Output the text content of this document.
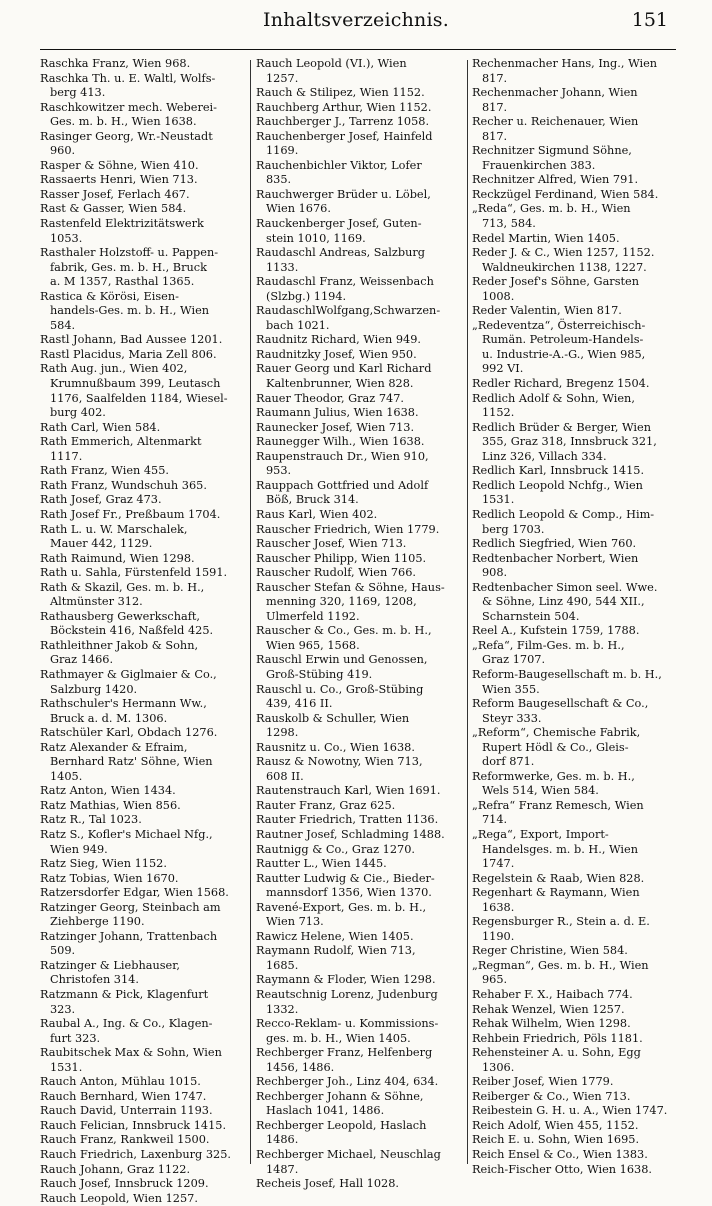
Inhaltsverzeichnis.	151
Raschka Franz, Wien 968.
Raschka Th. u. E. Waltl, Wolfs-
berg 413.
Raschkowitzer mech. Weberei-
Ges. m. b. H., Wien 1638.
Rasinger Georg, Wr.-Neustadt
960.
Rasper & Söhne, Wien 410.
Rassaerts Henri, Wien 713.
Rasser Josef, Ferlach 467.
Rast & Gasser, Wien 584.
Rastenfeld Elektrizitätswerk
1053.
Rasthaler Holzstoff- u. Pappen-
fabrik, Ges. m. b. H., Bruck
a. M 1357, Rasthal 1365.
Rastica & Körösi, Eisen-
handels-Ges. m. b. H., Wien
584.
Rastl Johann, Bad Aussee 1201.
Rastl Placidus, Maria Zell 806.
Rath Aug. jun., Wien 402,
Krumnußbaum 399, Leutasch
1176, Saalfelden 1184, Wiesel-
burg 402.
Rath Carl, Wien 584.
Rath Emmerich, Altenmarkt
1117.
Rath Franz, Wien 455.
Rath Franz, Wundschuh 365.
Rath Josef, Graz 473.
Rath Josef Fr., Preßbaum 1704.
Rath L. u. W. Marschalek,
Mauer 442, 1129.
Rath Raimund, Wien 1298.
Rath u. Sahla, Fürstenfeld 1591.
Rath & Skazil, Ges. m. b. H.,
Altmünster 312.
Rathausberg Gewerkschaft,
Böckstein 416, Naßfeld 425.
Rathleithner Jakob & Sohn,
Graz 1466.
Rathmayer & Giglmaier & Co.,
Salzburg 1420.
Rathschuler's Hermann Ww.,
Bruck a. d. M. 1306.
Ratschüler Karl, Obdach 1276.
Ratz Alexander & Efraim,
Bernhard Ratz' Söhne, Wien
1405.
Ratz Anton, Wien 1434.
Ratz Mathias, Wien 856.
Ratz R., Tal 1023.
Ratz S., Kofler's Michael Nfg.,
Wien 949.
Ratz Sieg, Wien 1152.
Ratz Tobias, Wien 1670.
Ratzersdorfer Edgar, Wien 1568.
Ratzinger Georg, Steinbach am
Ziehberge 1190.
Ratzinger Johann, Trattenbach
509.
Ratzinger & Liebhauser,
Christofen 314.
Ratzmann & Pick, Klagenfurt
323.
Raubal A., Ing. & Co., Klagen-
furt 323.
Raubitschek Max & Sohn, Wien
1531.
Rauch Anton, Mühlau 1015.
Rauch Bernhard, Wien 1747.
Rauch David, Unterrain 1193.
Rauch Felician, Innsbruck 1415.
Rauch Franz, Rankweil 1500.
Rauch Friedrich, Laxenburg 325.
Rauch Johann, Graz 1122.
Rauch Josef, Innsbruck 1209.
Rauch Leopold, Wien 1257.
Rauch Leopold (VI.), Wien
1257.
Rauch & Stilipez, Wien 1152.
Rauchberg Arthur, Wien 1152.
Rauchberger J., Tarrenz 1058.
Rauchenberger Josef, Hainfeld
1169.
Rauchenbichler Viktor, Lofer
835.
Rauchwerger Brüder u. Löbel,
Wien 1676.
Rauckenberger Josef, Guten-
stein 1010, 1169.
Raudaschl Andreas, Salzburg
1133.
Raudaschl Franz, Weissenbach
(Slzbg.) 1194.
RaudaschlWolfgang,Schwarzen-
bach 1021.
Raudnitz Richard, Wien 949.
Raudnitzky Josef, Wien 950.
Rauer Georg und Karl Richard
Kaltenbrunner, Wien 828.
Rauer Theodor, Graz 747.
Raumann Julius, Wien 1638.
Raunecker Josef, Wien 713.
Raunegger Wilh., Wien 1638.
Raupenstrauch Dr., Wien 910,
953.
Rauppach Gottfried und Adolf
Böß, Bruck 314.
Raus Karl, Wien 402.
Rauscher Friedrich, Wien 1779.
Rauscher Josef, Wien 713.
Rauscher Philipp, Wien 1105.
Rauscher Rudolf, Wien 766.
Rauscher Stefan & Söhne, Haus-
menning 320, 1169, 1208,
Ulmerfeld 1192.
Rauscher & Co., Ges. m. b. H.,
Wien 965, 1568.
Rauschl Erwin und Genossen,
Groß-Stübing 419.
Rauschl u. Co., Groß-Stübing
439, 416 II.
Rauskolb & Schuller, Wien
1298.
Rausnitz u. Co., Wien 1638.
Rausz & Nowotny, Wien 713,
608 II.
Rautenstrauch Karl, Wien 1691.
Rauter Franz, Graz 625.
Rauter Friedrich, Tratten 1136.
Rautner Josef, Schladming 1488.
Rautnigg & Co., Graz 1270.
Rautter L., Wien 1445.
Rautter Ludwig & Cie., Bieder-
mannsdorf 1356, Wien 1370.
Ravené-Export, Ges. m. b. H.,
Wien 713.
Rawicz Helene, Wien 1405.
Raymann Rudolf, Wien 713,
1685.
Raymann & Floder, Wien 1298.
Reautschnig Lorenz, Judenburg
1332.
Recco-Reklam- u. Kommissions-
ges. m. b. H., Wien 1405.
Rechberger Franz, Helfenberg
1456, 1486.
Rechberger Joh., Linz 404, 634.
Rechberger Johann & Söhne,
Haslach 1041, 1486.
Rechberger Leopold, Haslach
1486.
Rechberger Michael, Neuschlag
1487.
Recheis Josef, Hall 1028.
Rechenmacher Hans, Ing., Wien
817.
Rechenmacher Johann, Wien
817.
Recher u. Reichenauer, Wien
817.
Rechnitzer Sigmund Söhne,
Frauenkirchen 383.
Rechnitzer Alfred, Wien 791.
Reckzügel Ferdinand, Wien 584.
„Reda“, Ges. m. b. H., Wien
713, 584.
Redel Martin, Wien 1405.
Reder J. & C., Wien 1257, 1152.
Waldneukirchen 1138, 1227.
Reder Josef's Söhne, Garsten
1008.
Reder Valentin, Wien 817.
„Redeventza“, Österreichisch-
Rumän. Petroleum-Handels-
u. Industrie-A.-G., Wien 985,
992 VI.
Redler Richard, Bregenz 1504.
Redlich Adolf & Sohn, Wien,
1152.
Redlich Brüder & Berger, Wien
355, Graz 318, Innsbruck 321,
Linz 326, Villach 334.
Redlich Karl, Innsbruck 1415.
Redlich Leopold Nchfg., Wien
1531.
Redlich Leopold & Comp., Him-
berg 1703.
Redlich Siegfried, Wien 760.
Redtenbacher Norbert, Wien
908.
Redtenbacher Simon seel. Wwe.
& Söhne, Linz 490, 544 XII.,
Scharnstein 504.
Reel A., Kufstein 1759, 1788.
„Refa“, Film-Ges. m. b. H.,
Graz 1707.
Reform-Baugesellschaft m. b. H.,
Wien 355.
Reform Baugesellschaft & Co.,
Steyr 333.
„Reform“, Chemische Fabrik,
Rupert Hödl & Co., Gleis-
dorf 871.
Reformwerke, Ges. m. b. H.,
Wels 514, Wien 584.
„Refra“ Franz Remesch, Wien
714.
„Rega“, Export, Import-
Handelsges. m. b. H., Wien
1747.
Regelstein & Raab, Wien 828.
Regenhart & Raymann, Wien
1638.
Regensburger R., Stein a. d. E.
1190.
Reger Christine, Wien 584.
„Regman“, Ges. m. b. H., Wien
965.
Rehaber F. X., Haibach 774.
Rehak Wenzel, Wien 1257.
Rehak Wilhelm, Wien 1298.
Rehbein Friedrich, Pöls 1181.
Rehensteiner A. u. Sohn, Egg
1306.
Reiber Josef, Wien 1779.
Reiberger & Co., Wien 713.
Reibestein G. H. u. A., Wien 1747.
Reich Adolf, Wien 455, 1152.
Reich E. u. Sohn, Wien 1695.
Reich Ensel & Co., Wien 1383.
Reich-Fischer Otto, Wien 1638.
